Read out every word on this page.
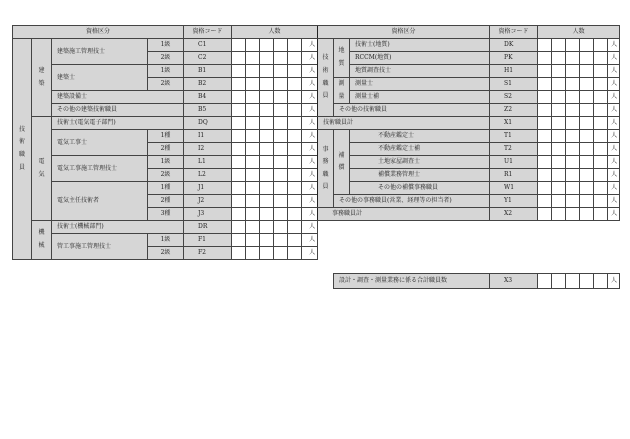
資格区分				資格コード	人数					

技
術
職
員	建
築	建築施工管理技士	1級	C1						人
			2級	C2						人
		建築士	1級	B1						人
			2級	B2						人
		建築設備士		B4						人
		その他の建築技術職員		B5						人

	電
気	技術士(電気電子部門)		DQ						人
		電気工事士	1種	I1						人
			2種	I2						人
		電気工事施工管理技士	1級	L1						人
			2級	L2						人
		電気主任技術者	1種	J1						人
			2種	J2						人
			3種	J3						人

	機
械	技術士(機械部門)		DR						人
		管工事施工管理技士	1級	F1						人
			2級	F2						人
資格区分			資格コード	人数					

技
術
職
員	地
質	技術士(地質)	DK						人
		RCCM(地質)	PK						人
		地質調査技士	H1						人

	測
量	測量士	S1						人
		測量士補	S2						人
	その他の技術職員		Z2						人
技術職員計			X1						人

事
務
職
員	補
償	不動産鑑定士	T1						人
		不動産鑑定士補	T2						人
		土地家屋調査士	U1						人
		補償業務管理士	R1						人
		その他の補償事務職員	W1						人
	その他の事務職員(営業、経理等の担当者)		Y1						人
事務職員計			X2						人
設計・調査・測量業務に係る合計職員数	X3						人
